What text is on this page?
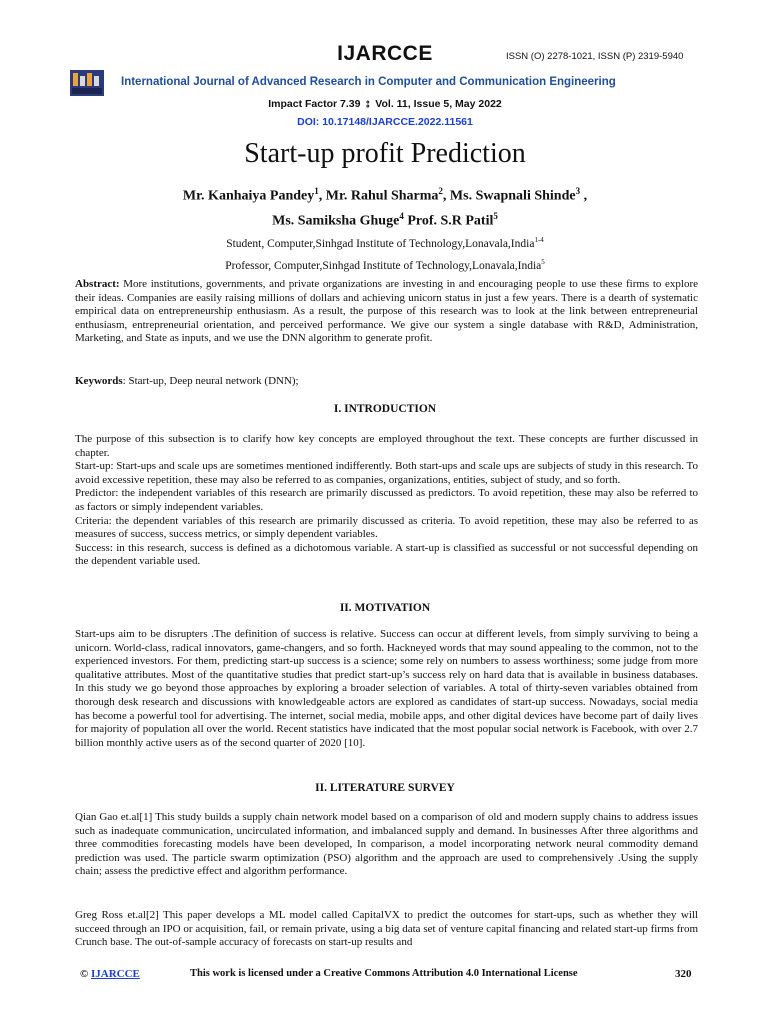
IJARCCE	ISSN (O) 2278-1021, ISSN (P) 2319-5940
International Journal of Advanced Research in Computer and Communication Engineering
Impact Factor 7.39 ⦂ Vol. 11, Issue 5, May 2022
DOI: 10.17148/IJARCCE.2022.11561
Start-up profit Prediction
Mr. Kanhaiya Pandey$^1$, Mr. Rahul Sharma$^2$, Ms. Swapnali Shinde$^3$ ,
Ms. Samiksha Ghuge$^4$ Prof. S.R Patil$^5$
Student, Computer,Sinhgad Institute of Technology,Lonavala,India$^{1-4}$
Professor, Computer,Sinhgad Institute of Technology,Lonavala,India$^5$

Abstract: More institutions, governments, and private organizations are investing in and encouraging people to use these firms to explore their ideas. Companies are easily raising millions of dollars and achieving unicorn status in just a few years. There is a dearth of systematic empirical data on entrepreneurship enthusiasm. As a result, the purpose of this research was to look at the link between entrepreneurial enthusiasm, entrepreneurial orientation, and perceived performance. We give our system a single database with R&D, Administration, Marketing, and State as inputs, and we use the DNN algorithm to generate profit.

Keywords: Start-up, Deep neural network (DNN);

I. INTRODUCTION

The purpose of this subsection is to clarify how key concepts are employed throughout the text. These concepts are further discussed in chapter.

Start-up: Start-ups and scale ups are sometimes mentioned indifferently. Both start-ups and scale ups are subjects of study in this research. To avoid excessive repetition, these may also be referred to as companies, organizations, entities, subject of study, and so forth.

Predictor: the independent variables of this research are primarily discussed as predictors. To avoid repetition, these may also be referred to as factors or simply independent variables.

Criteria: the dependent variables of this research are primarily discussed as criteria. To avoid repetition, these may also be referred to as measures of success, success metrics, or simply dependent variables.

Success: in this research, success is defined as a dichotomous variable. A start-up is classified as successful or not successful depending on the dependent variable used.

II. MOTIVATION

Start-ups aim to be disrupters .The definition of success is relative. Success can occur at different levels, from simply surviving to being a unicorn. World-class, radical innovators, game-changers, and so forth. Hackneyed words that may sound appealing to the common, not to the experienced investors. For them, predicting start-up success is a science; some rely on numbers to assess worthiness; some judge from more qualitative attributes. Most of the quantitative studies that predict start-up’s success rely on hard data that is available in business databases. In this study we go beyond those approaches by exploring a broader selection of variables. A total of thirty-seven variables obtained from thorough desk research and discussions with knowledgeable actors are explored as candidates of start-up success. Nowadays, social media has become a powerful tool for advertising. The internet, social media, mobile apps, and other digital devices have become part of daily lives for majority of population all over the world. Recent statistics have indicated that the most popular social network is Facebook, with over 2.7 billion monthly active users as of the second quarter of 2020 [10].

II. LITERATURE SURVEY

Qian Gao et.al[1] This study builds a supply chain network model based on a comparison of old and modern supply chains to address issues such as inadequate communication, uncirculated information, and imbalanced supply and demand. In businesses After three algorithms and three commodities forecasting models have been developed, In comparison, a model incorporating network neural commodity demand prediction was used. The particle swarm optimization (PSO) algorithm and the approach are used to comprehensively .Using the supply chain; assess the predictive effect and algorithm performance.

Greg Ross et.al[2] This paper develops a ML model called CapitalVX to predict the outcomes for start-ups, such as whether they will succeed through an IPO or acquisition, fail, or remain private, using a big data set of venture capital financing and related start-up firms from Crunch base. The out-of-sample accuracy of forecasts on start-up results and

© IJARCCE	This work is licensed under a Creative Commons Attribution 4.0 International License	320
